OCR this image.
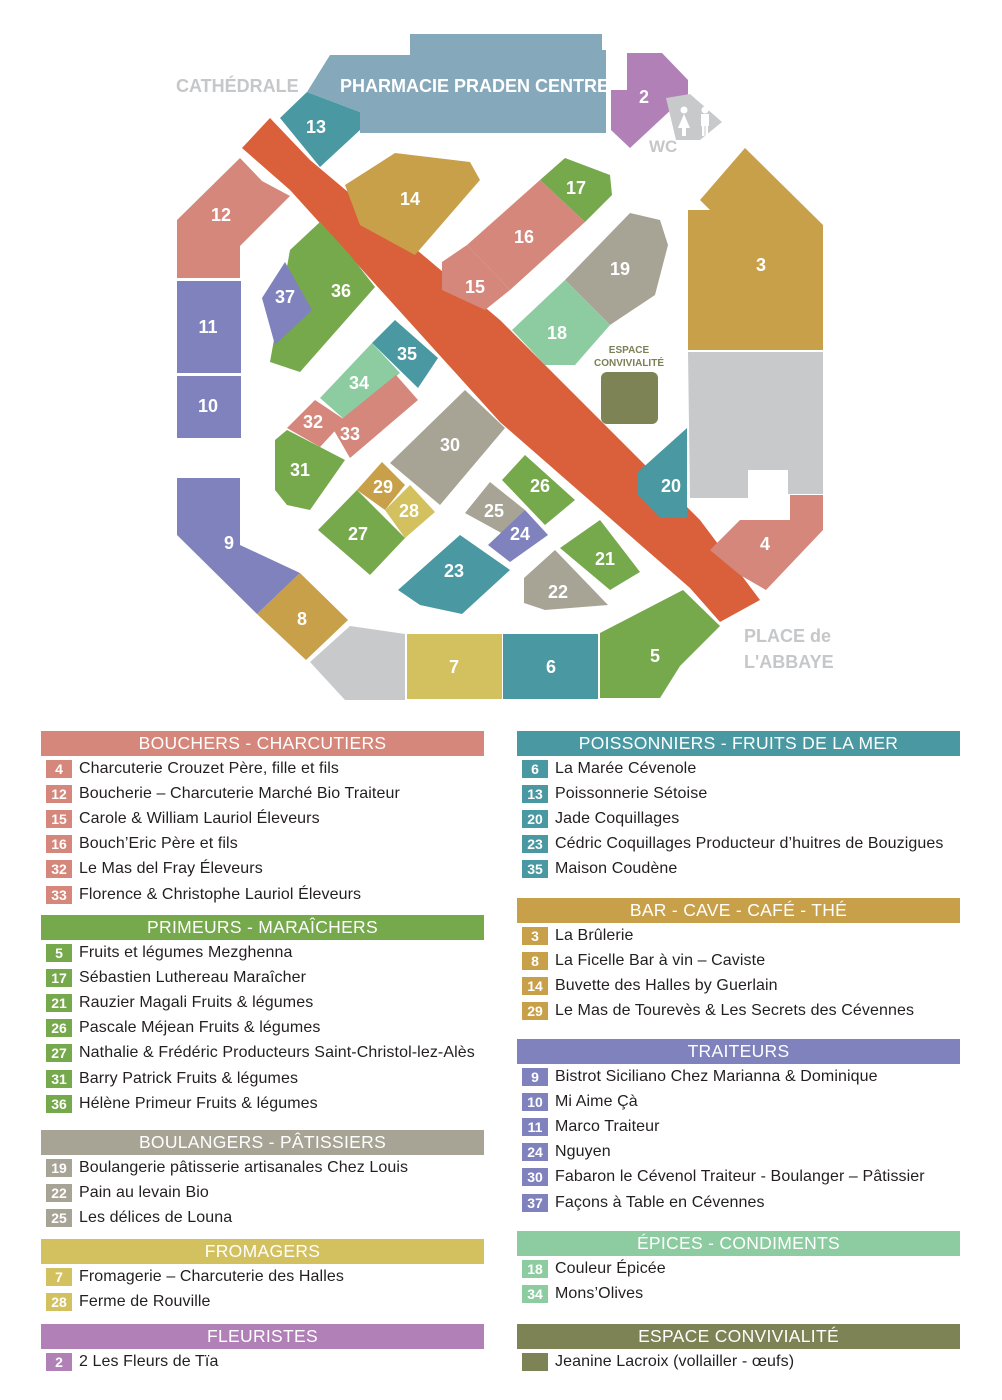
ESPACE
CONVIVIALITÉ
CATHÉDRALE PHARMACIE PRADEN CENTRE
WC
PLACE de
L'ABBAYE
2
3
4
5
6
7
8
9
10
11
12
13
14
15
16
17
18
19
20
21
22
23
24
25
26
27
28
29
30
31
32
33
34
35
36
37
BOUCHERS - CHARCUTIERS
4	Charcuterie Crouzet Père, fille et fils
12 Boucherie – Charcuterie Marché Bio Traiteur
15 Carole & William Lauriol Éleveurs
16 Bouch’Eric Père et fils
32 Le Mas del Fray Éleveurs
33 Florence & Christophe Lauriol Éleveurs
PRIMEURS - MARAÎCHERS
5	Fruits et légumes Mezghenna
17 Sébastien Luthereau Maraîcher
21 Rauzier Magali Fruits & légumes
26 Pascale Méjean Fruits & légumes
27 Nathalie & Frédéric Producteurs Saint-Christol-lez-Alès
31 Barry Patrick Fruits & légumes
36 Hélène Primeur Fruits & légumes
BOULANGERS - PÂTISSIERS
19 Boulangerie pâtisserie artisanales Chez Louis
22 Pain au levain Bio
25 Les délices de Louna
FROMAGERS
7	Fromagerie – Charcuterie des Halles
28 Ferme de Rouville
FLEURISTES
2	2 Les Fleurs de Tïa
POISSONNIERS - FRUITS DE LA MER
6	La Marée Cévenole
13 Poissonnerie Sétoise
20 Jade Coquillages
23 Cédric Coquillages Producteur d’huitres de Bouzigues
35 Maison Coudène
BAR - CAVE - CAFÉ - THÉ
3	La Brûlerie
8	La Ficelle Bar à vin – Caviste
14 Buvette des Halles by Guerlain
29 Le Mas de Tourevès & Les Secrets des Cévennes
TRAITEURS
9	Bistrot Siciliano Chez Marianna & Dominique
10 Mi Aime Çà
11 Marco Traiteur
24 Nguyen
30 Fabaron le Cévenol Traiteur - Boulanger – Pâtissier
37 Façons à Table en Cévennes
ÉPICES - CONDIMENTS
18 Couleur Épicée
34 Mons’Olives
ESPACE CONVIVIALITÉ
Jeanine Lacroix (vollailler - œufs)
